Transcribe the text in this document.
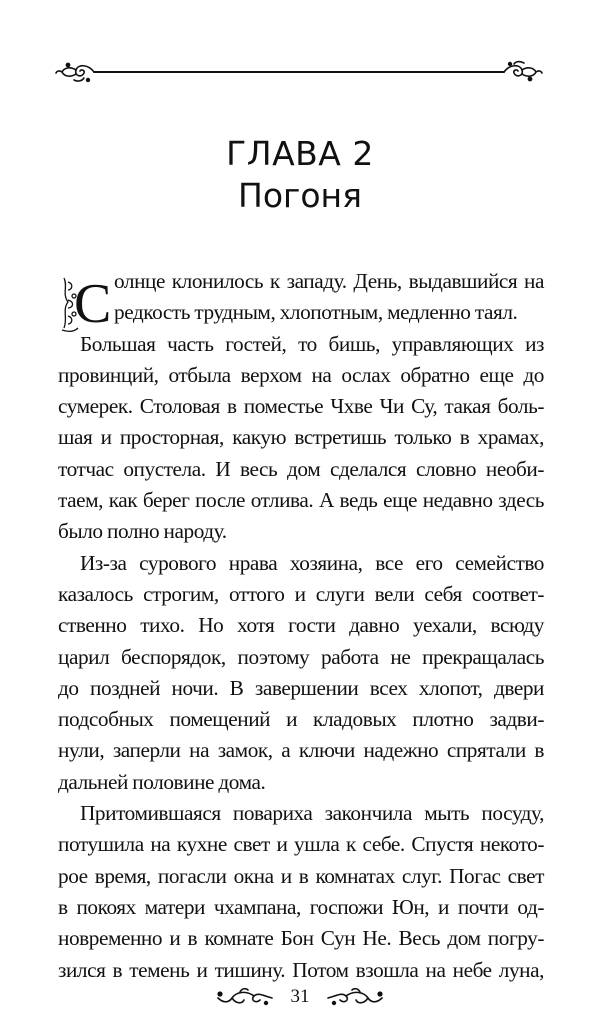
ГЛАВА 2
Погоня
С олнце клонилось к западу. День, выдавшийся на
редкость трудным, хлопотным, медленно таял.
Большая часть гостей, то бишь, управляющих из
провинций, отбыла верхом на ослах обратно еще до
сумерек. Столовая в поместье Чхве Чи Су, такая боль-
шая и просторная, какую встретишь только в храмах,
тотчас опустела. И весь дом сделался словно необи-
таем, как берег после отлива. А ведь еще недавно здесь
было полно народу.
Из-за сурового нрава хозяина, все его семейство
казалось строгим, оттого и слуги вели себя соответ-
ственно тихо. Но хотя гости давно уехали, всюду
царил беспорядок, поэтому работа не прекращалась
до поздней ночи. В завершении всех хлопот, двери
подсобных помещений и кладовых плотно задви-
нули, заперли на замок, а ключи надежно спрятали в
дальней половине дома.
Притомившаяся повариха закончила мыть посуду,
потушила на кухне свет и ушла к себе. Спустя некото-
рое время, погасли окна и в комнатах слуг. Погас свет
в покоях матери чхампана, госпожи Юн, и почти од-
новременно и в комнате Бон Сун Не. Весь дом погру-
зился в темень и тишину. Потом взошла на небе луна,
31
